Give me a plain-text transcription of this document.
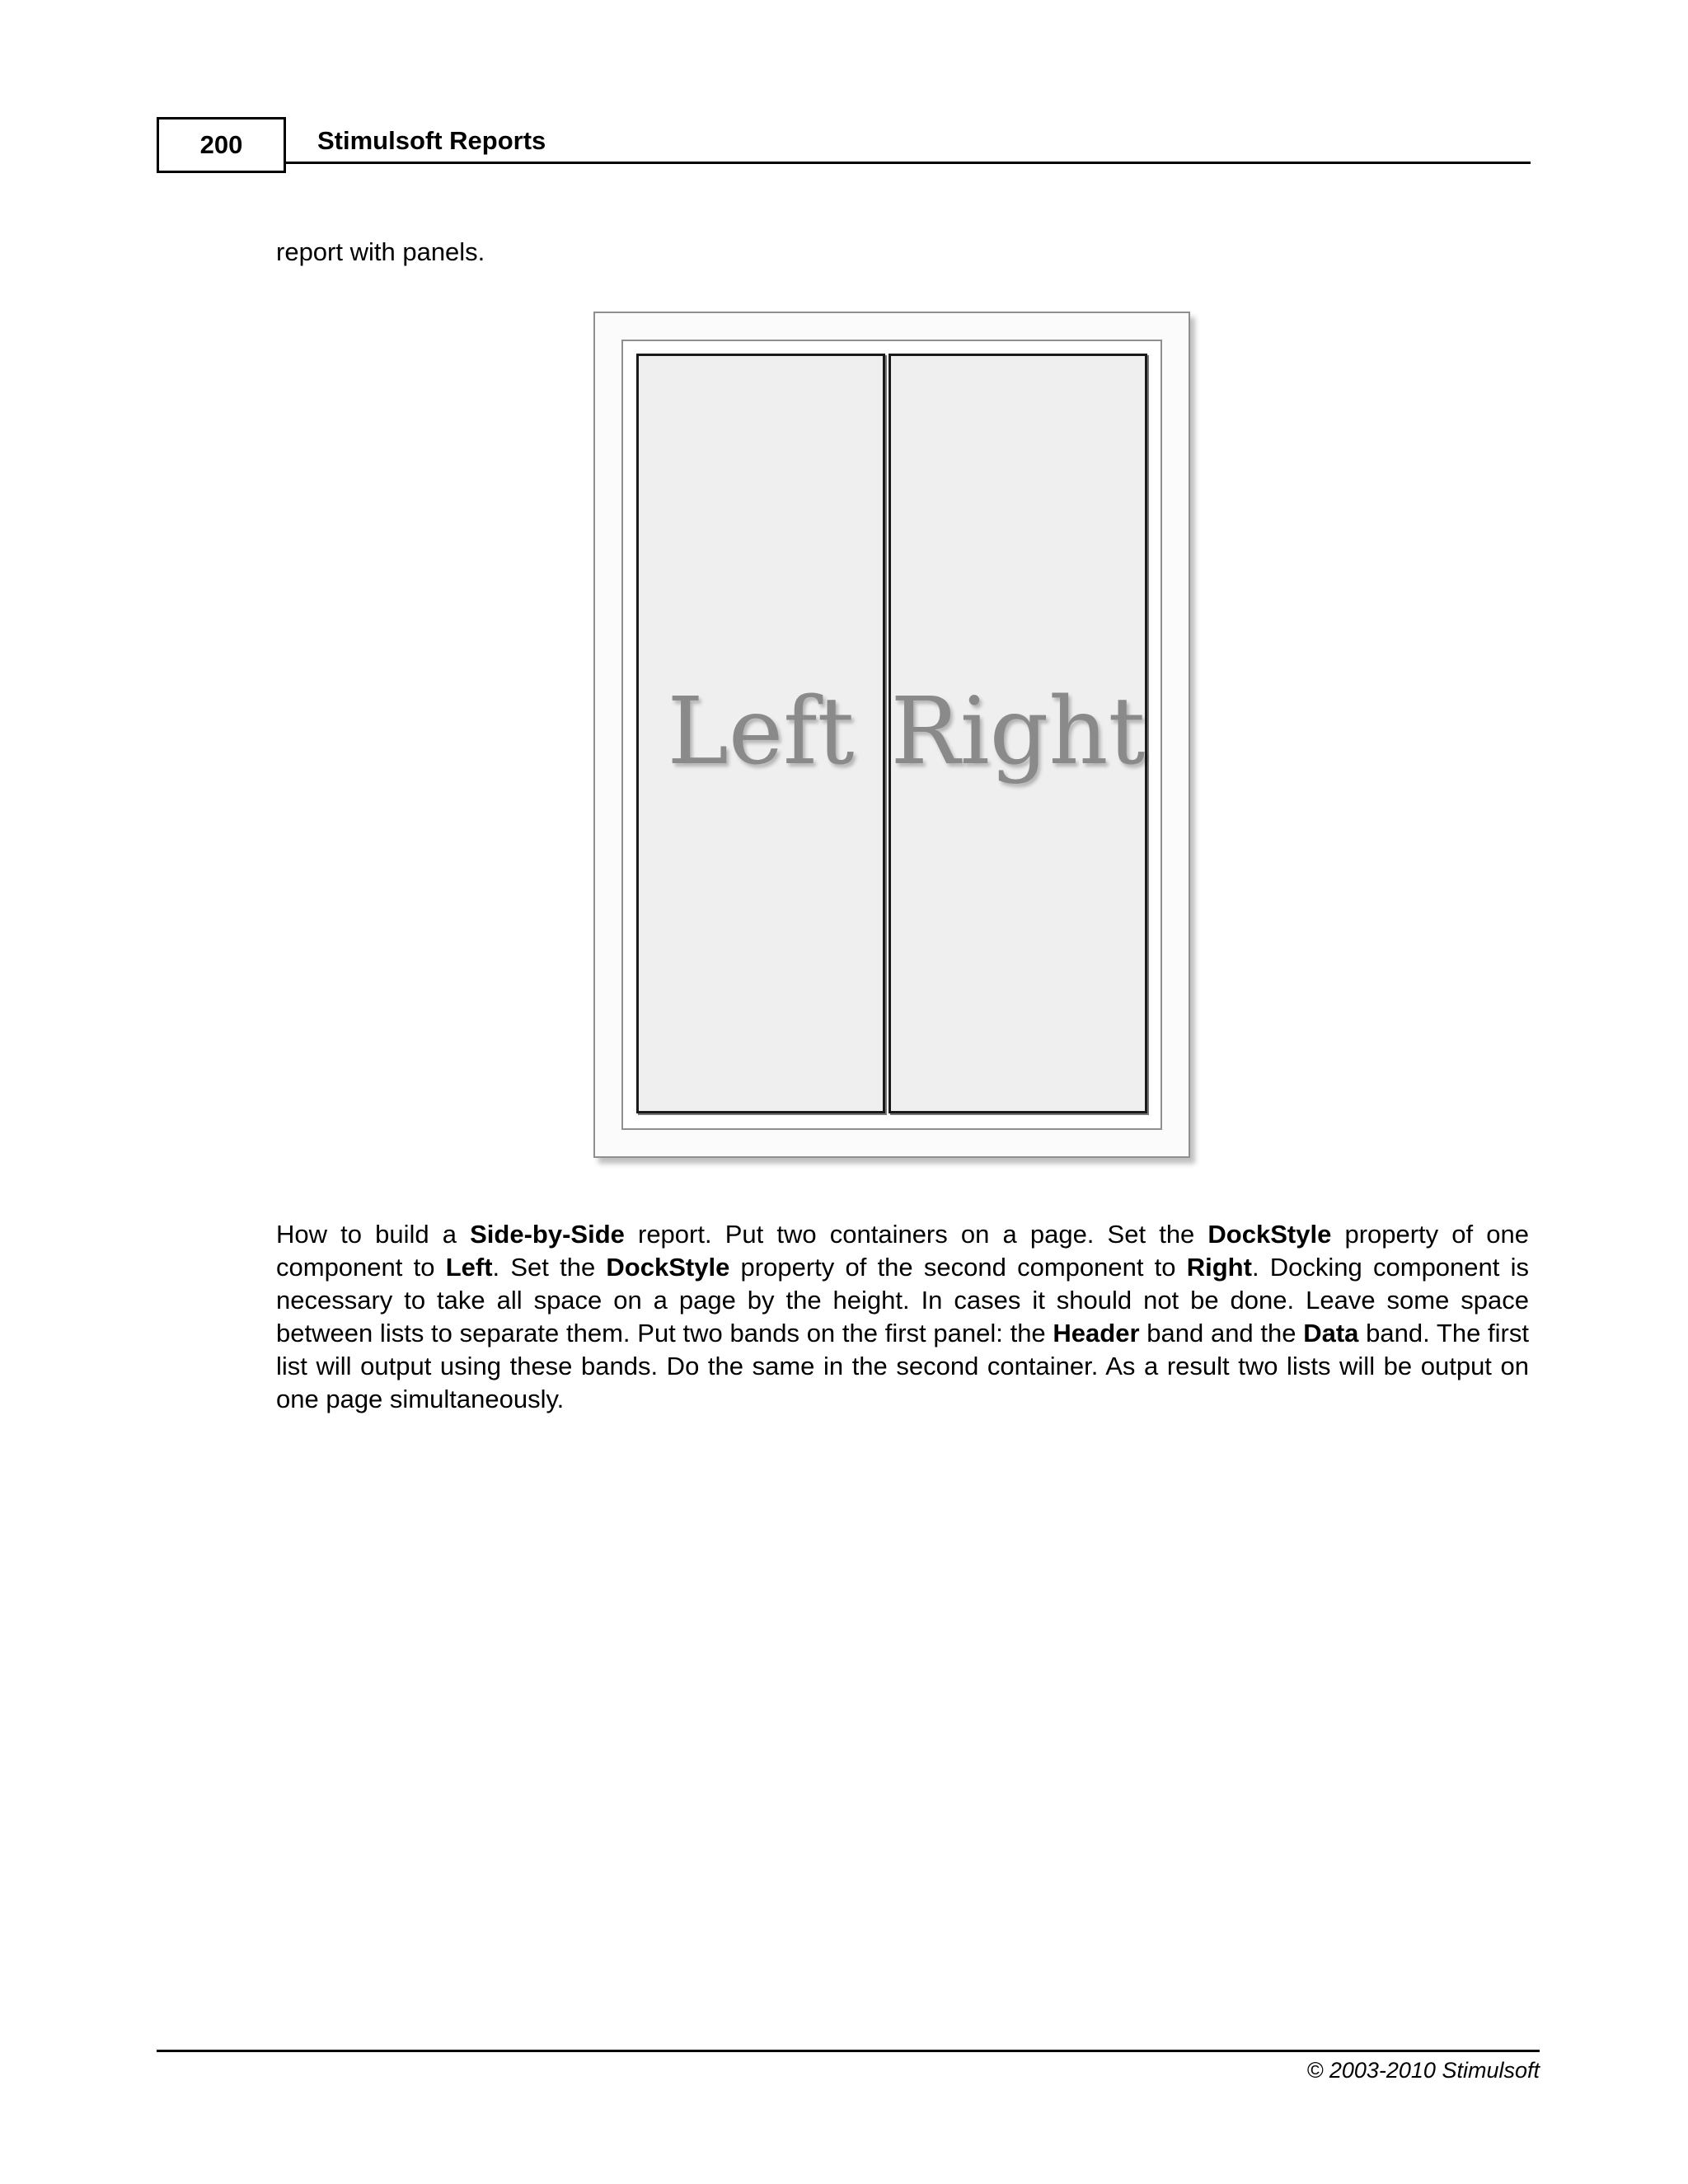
200	Stimulsoft Reports
report with panels.
Left Right
How to build a Side-by-Side report. Put two containers on a page. Set the DockStyle property of one component to Left. Set the DockStyle property of the second component to Right. Docking component is necessary to take all space on a page by the height. In cases it should not be done. Leave some space between lists to separate them. Put two bands on the first panel: the Header band and the Data band. The first list will output using these bands. Do the same in the second container. As a result two lists will be output on one page simultaneously.
© 2003-2010 Stimulsoft
